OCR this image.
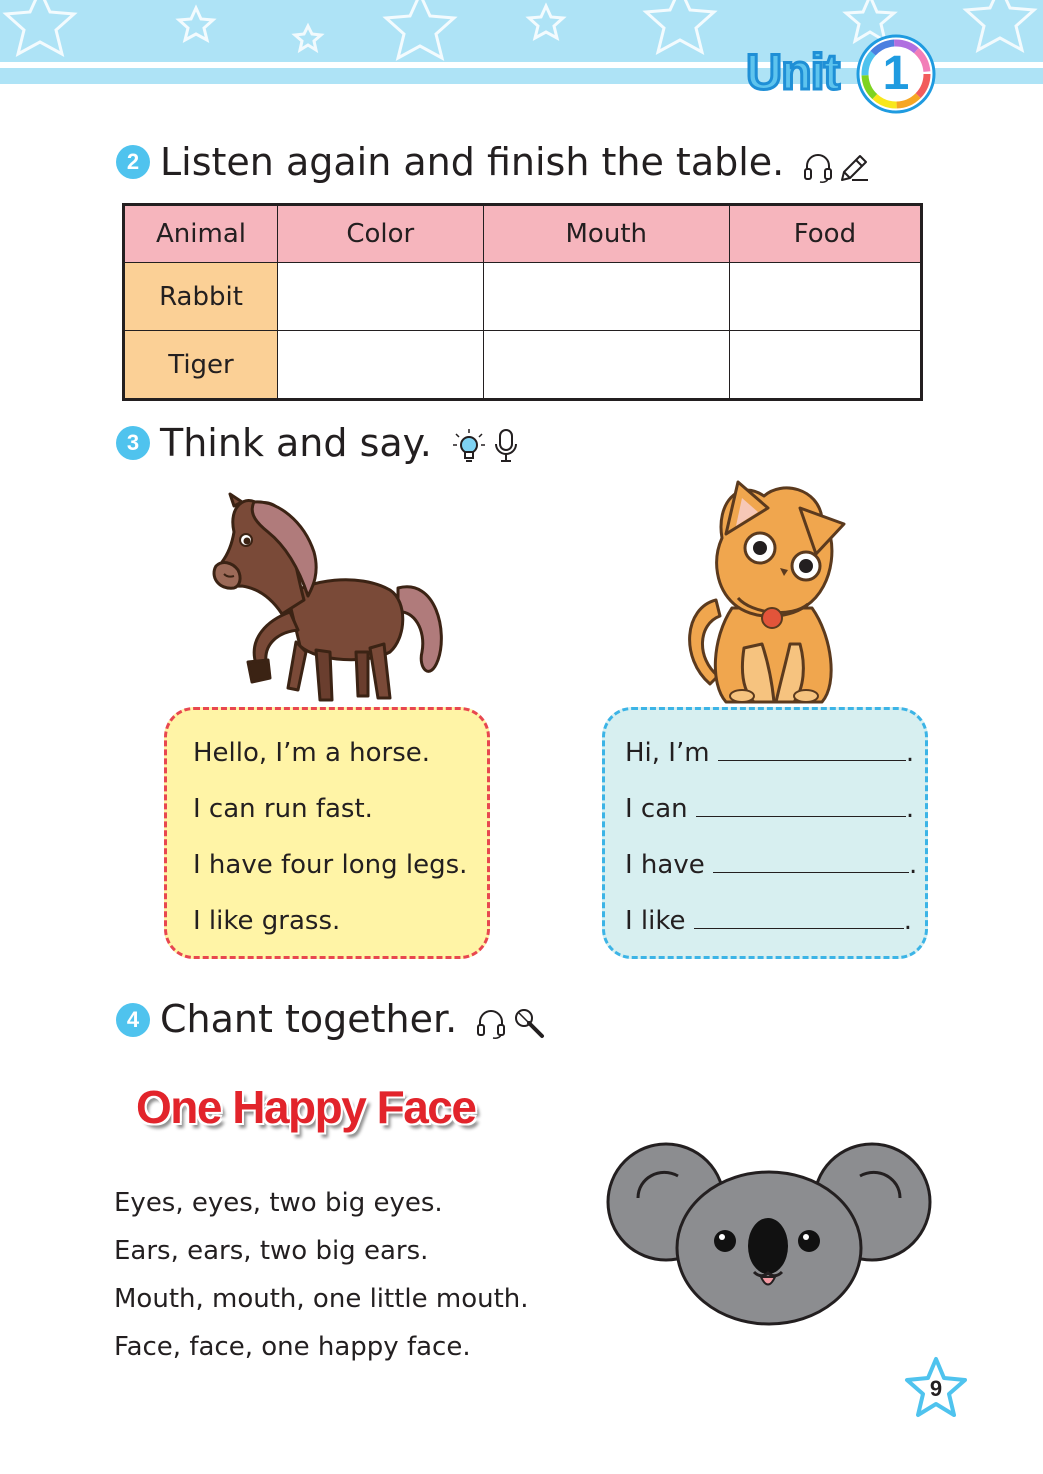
Unit 1
2 Listen again and finish the table.
Animal	Color	Mouth	Food
Rabbit			
Tiger			
3 Think and say.
Hello, I’m a horse.
I can run fast.
I have four long legs.
I like grass.
Hi, I’m	.
I can	.
I have	.
I like	.
4 Chant together.
One Happy Face
Eyes, eyes, two big eyes.
Ears, ears, two big ears.
Mouth, mouth, one little mouth.
Face, face, one happy face.
9
